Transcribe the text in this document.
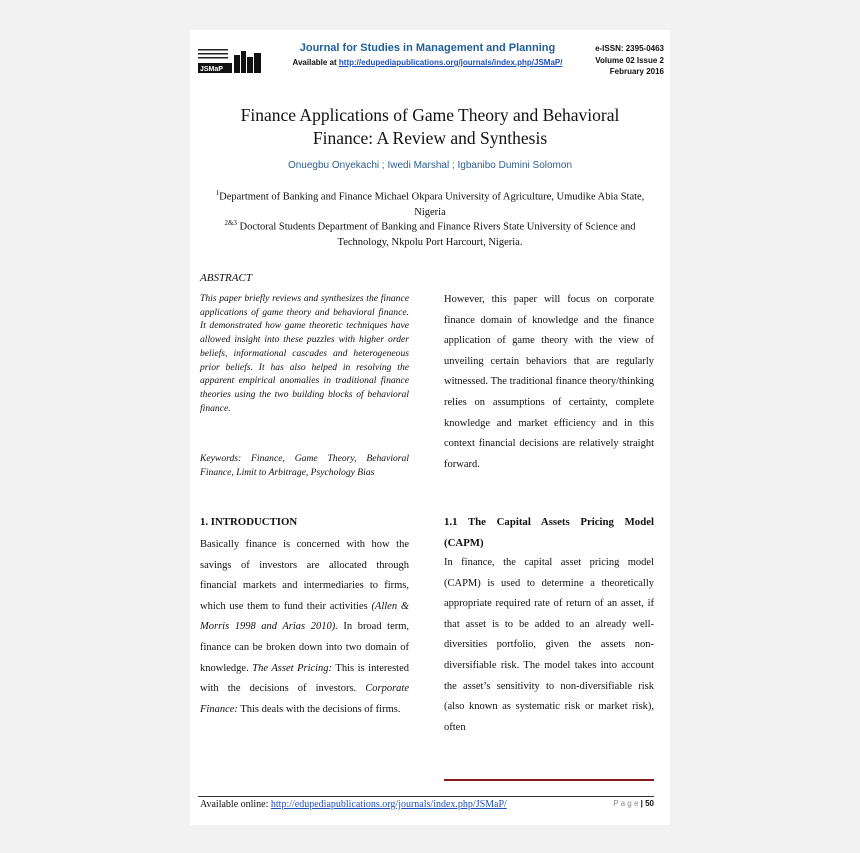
JSMaP
Journal for Studies in Management and Planning
Available at http://edupediapublications.org/journals/index.php/JSMaP/
e-ISSN: 2395-0463
Volume 02 Issue 2
February 2016
Finance Applications of Game Theory and Behavioral
Finance: A Review and Synthesis
Onuegbu Onyekachi ; Iwedi Marshal ; Igbanibo Dumini Solomon
$^1$Department of Banking and Finance Michael Okpara University of Agriculture, Umudike Abia State, Nigeria
$^{2\&3}$ Doctoral Students Department of Banking and Finance Rivers State University of Science and Technology, Nkpolu Port Harcourt, Nigeria.
ABSTRACT
This paper briefly reviews and synthesizes the finance applications of game theory and behavioral finance. It demonstrated how game theoretic techniques have allowed insight into these puzzles with higher order beliefs, informational cascades and heterogeneous prior beliefs. It has also helped in resolving the apparent empirical anomalies in traditional finance theories using the two building blocks of behavioral finance.
Keywords: Finance, Game Theory, Behavioral Finance, Limit to Arbitrage, Psychology Bias
1. INTRODUCTION
Basically finance is concerned with how the savings of investors are allocated through financial markets and intermediaries to firms, which use them to fund their activities (Allen & Morris 1998 and Arias 2010). In broad term, finance can be broken down into two domain of knowledge. The Asset Pricing: This is interested with the decisions of investors. Corporate Finance: This deals with the decisions of firms.
However, this paper will focus on corporate finance domain of knowledge and the finance application of game theory with the view of unveiling certain behaviors that are regularly witnessed. The traditional finance theory/thinking relies on assumptions of certainty, complete knowledge and market efficiency and in this context financial decisions are relatively straight forward.
1.1 The Capital Assets Pricing Model (CAPM)
In finance, the capital asset pricing model (CAPM) is used to determine a theoretically appropriate required rate of return of an asset, if that asset is to be added to an already well-diversities portfolio, given the assets non-diversifiable risk. The model takes into account the asset’s sensitivity to non-diversifiable risk (also known as systematic risk or market risk), often
Available online: http://edupediapublications.org/journals/index.php/JSMaP/	P a g e | 50
